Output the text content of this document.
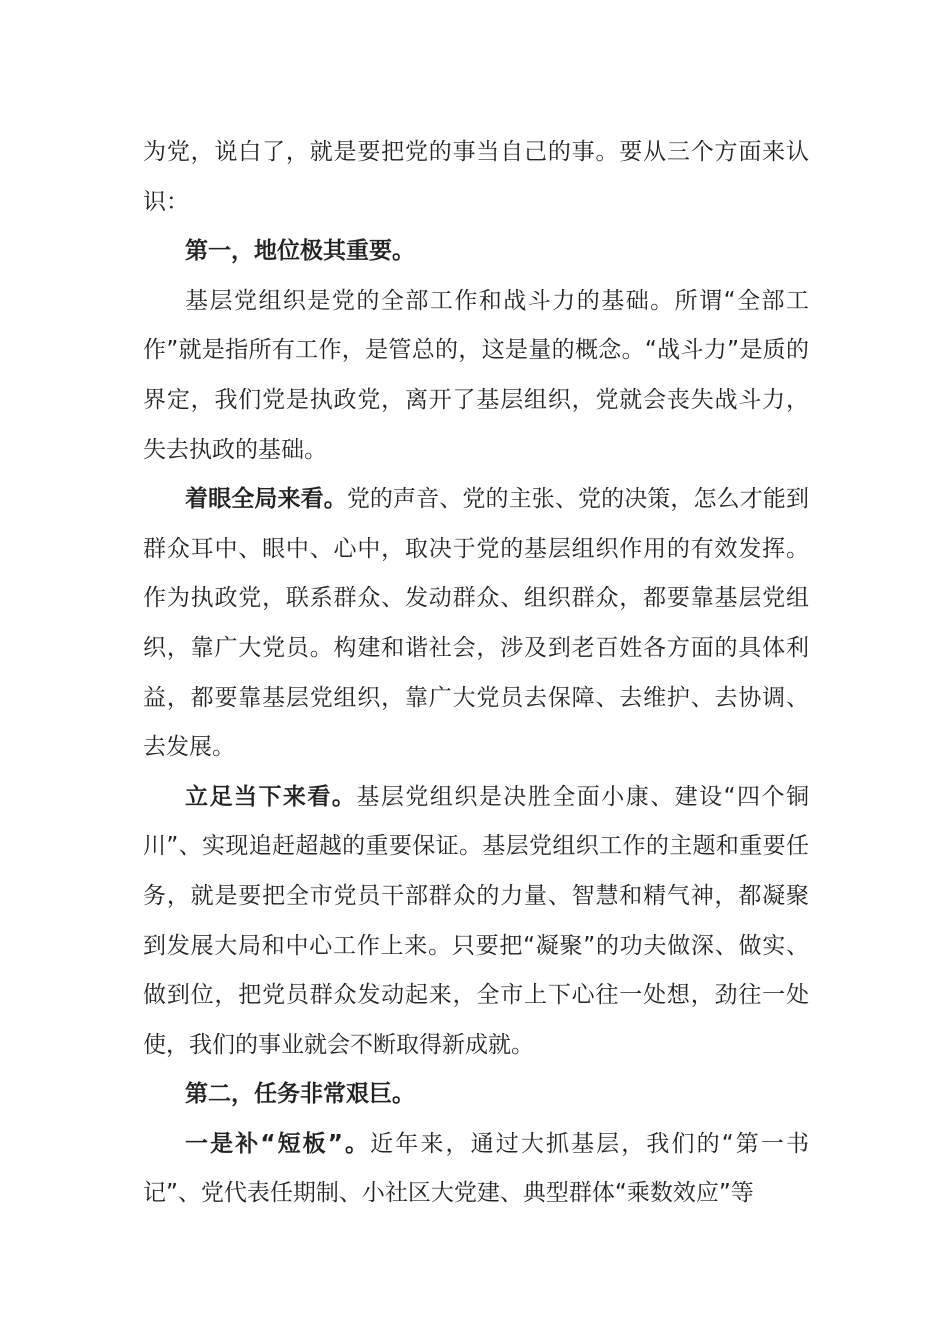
为党，说白了，就是要把党的事当自己的事。要从三个方面来认识：

第一，地位极其重要。

基层党组织是党的全部工作和战斗力的基础。所谓“全部工作”就是指所有工作，是管总的，这是量的概念。“战斗力”是质的界定，我们党是执政党，离开了基层组织，党就会丧失战斗力，失去执政的基础。

着眼全局来看。党的声音、党的主张、党的决策，怎么才能到群众耳中、眼中、心中，取决于党的基层组织作用的有效发挥。作为执政党，联系群众、发动群众、组织群众，都要靠基层党组织，靠广大党员。构建和谐社会，涉及到老百姓各方面的具体利益，都要靠基层党组织，靠广大党员去保障、去维护、去协调、去发展。

立足当下来看。基层党组织是决胜全面小康、建设“四个铜川”、实现追赶超越的重要保证。基层党组织工作的主题和重要任务，就是要把全市党员干部群众的力量、智慧和精气神，都凝聚到发展大局和中心工作上来。只要把“凝聚”的功夫做深、做实、做到位，把党员群众发动起来，全市上下心往一处想，劲往一处使，我们的事业就会不断取得新成就。

第二，任务非常艰巨。

一是补“短板”。近年来，通过大抓基层，我们的“第一书记”、党代表任期制、小社区大党建、典型群体“乘数效应”等
